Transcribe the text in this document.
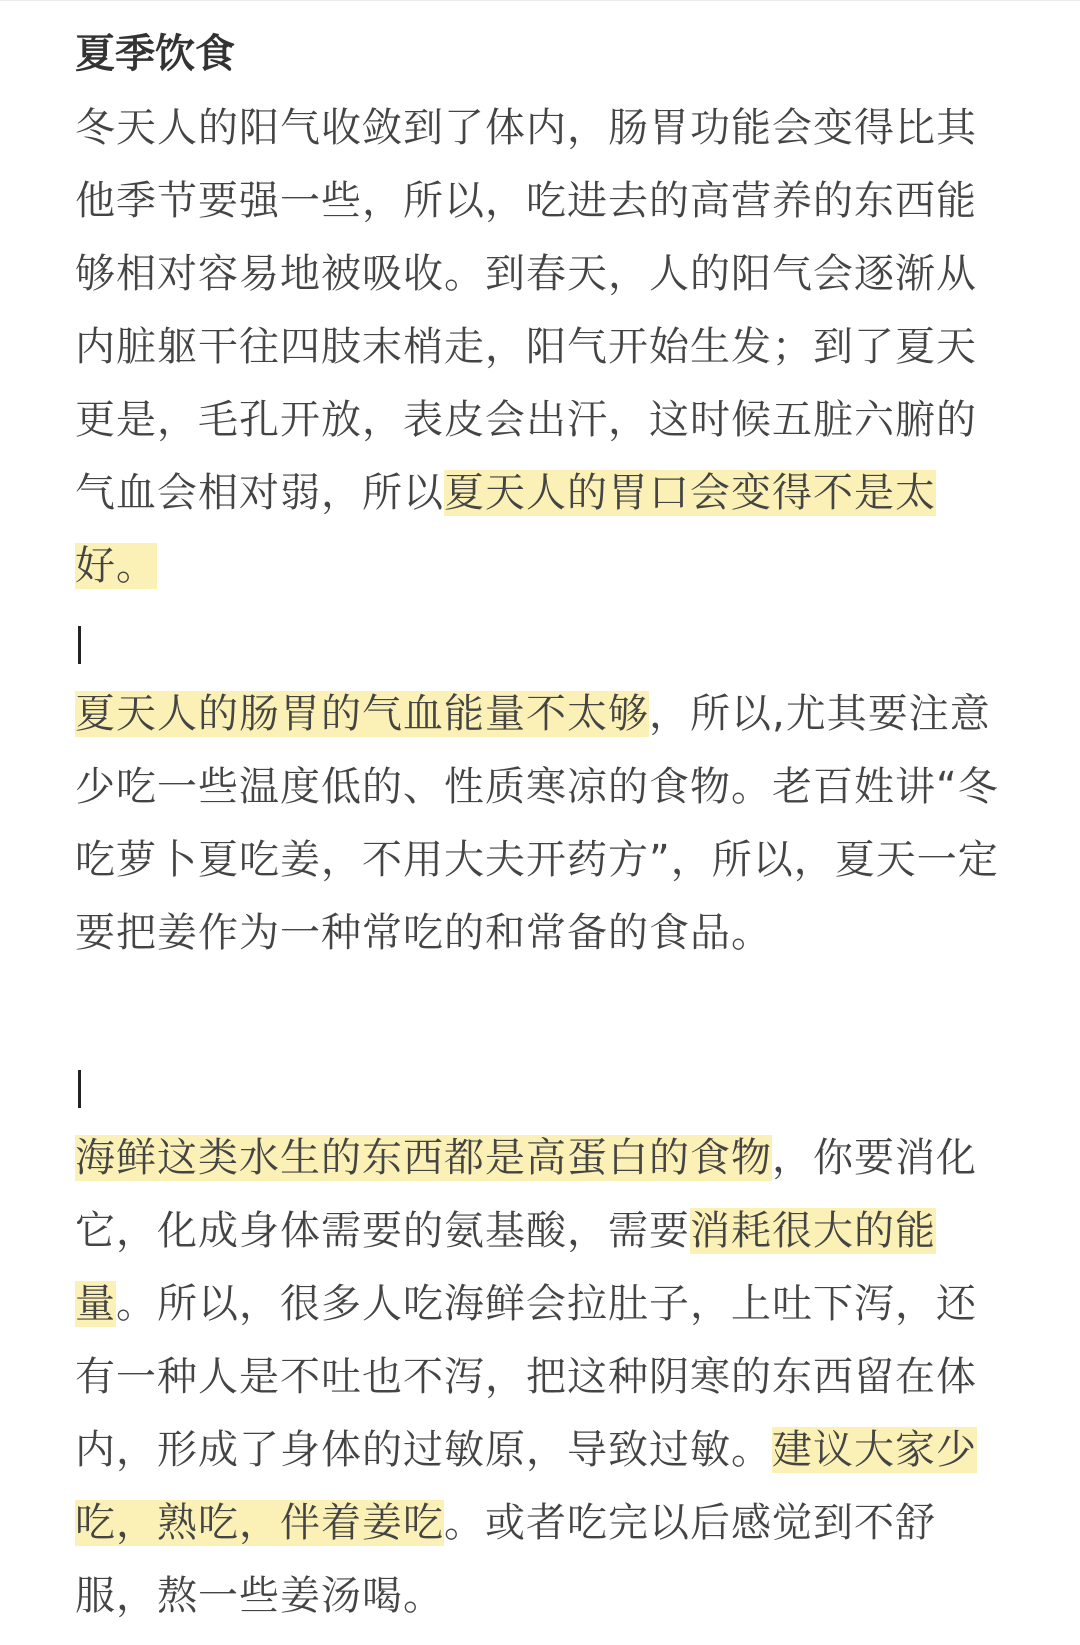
夏季饮食

冬天人的阳气收敛到了体内，肠胃功能会变得比其他季节要强一些，所以，吃进去的高营养的东西能够相对容易地被吸收。到春天，人的阳气会逐渐从内脏躯干往四肢末梢走，阳气开始生发；到了夏天更是，毛孔开放，表皮会出汗，这时候五脏六腑的气血会相对弱，所以夏天人的胃口会变得不是太好。

夏天人的肠胃的气血能量不太够，所以,尤其要注意少吃一些温度低的、性质寒凉的食物。老百姓讲“冬吃萝卜夏吃姜，不用大夫开药方”，所以，夏天一定要把姜作为一种常吃的和常备的食品。

海鲜这类水生的东西都是高蛋白的食物，你要消化它，化成身体需要的氨基酸，需要消耗很大的能量。所以，很多人吃海鲜会拉肚子，上吐下泻，还有一种人是不吐也不泻，把这种阴寒的东西留在体内，形成了身体的过敏原，导致过敏。建议大家少吃，熟吃，伴着姜吃。或者吃完以后感觉到不舒服，熬一些姜汤喝。
